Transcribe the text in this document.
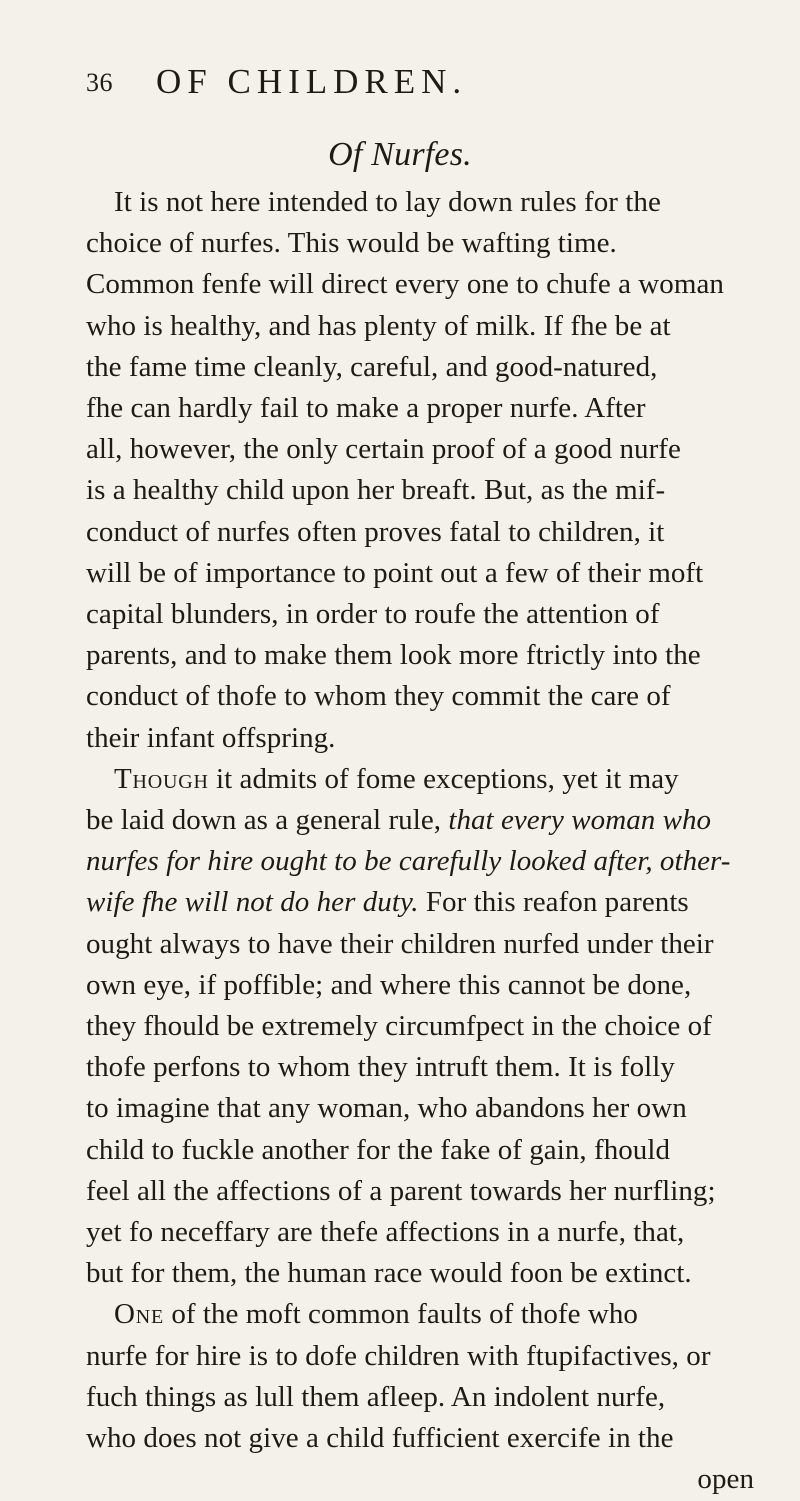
36 OF CHILDREN.
Of Nurfes.
It is not here intended to lay down rules for the
choice of nurfes. This would be wafting time.
Common fenfe will direct every one to chufe a woman
who is healthy, and has plenty of milk. If fhe be at
the fame time cleanly, careful, and good-natured,
fhe can hardly fail to make a proper nurfe. After
all, however, the only certain proof of a good nurfe
is a healthy child upon her breaft. But, as the mif-
conduct of nurfes often proves fatal to children, it
will be of importance to point out a few of their moft
capital blunders, in order to roufe the attention of
parents, and to make them look more ftrictly into the
conduct of thofe to whom they commit the care of
their infant offspring.
Though it admits of fome exceptions, yet it may
be laid down as a general rule, that every woman who
nurfes for hire ought to be carefully looked after, other-
wife fhe will not do her duty. For this reafon parents
ought always to have their children nurfed under their
own eye, if poffible; and where this cannot be done,
they fhould be extremely circumfpect in the choice of
thofe perfons to whom they intruft them. It is folly
to imagine that any woman, who abandons her own
child to fuckle another for the fake of gain, fhould
feel all the affections of a parent towards her nurfling;
yet fo neceffary are thefe affections in a nurfe, that,
but for them, the human race would foon be extinct.
One of the moft common faults of thofe who
nurfe for hire is to dofe children with ftupifactives, or
fuch things as lull them afleep. An indolent nurfe,
who does not give a child fufficient exercife in the
open
